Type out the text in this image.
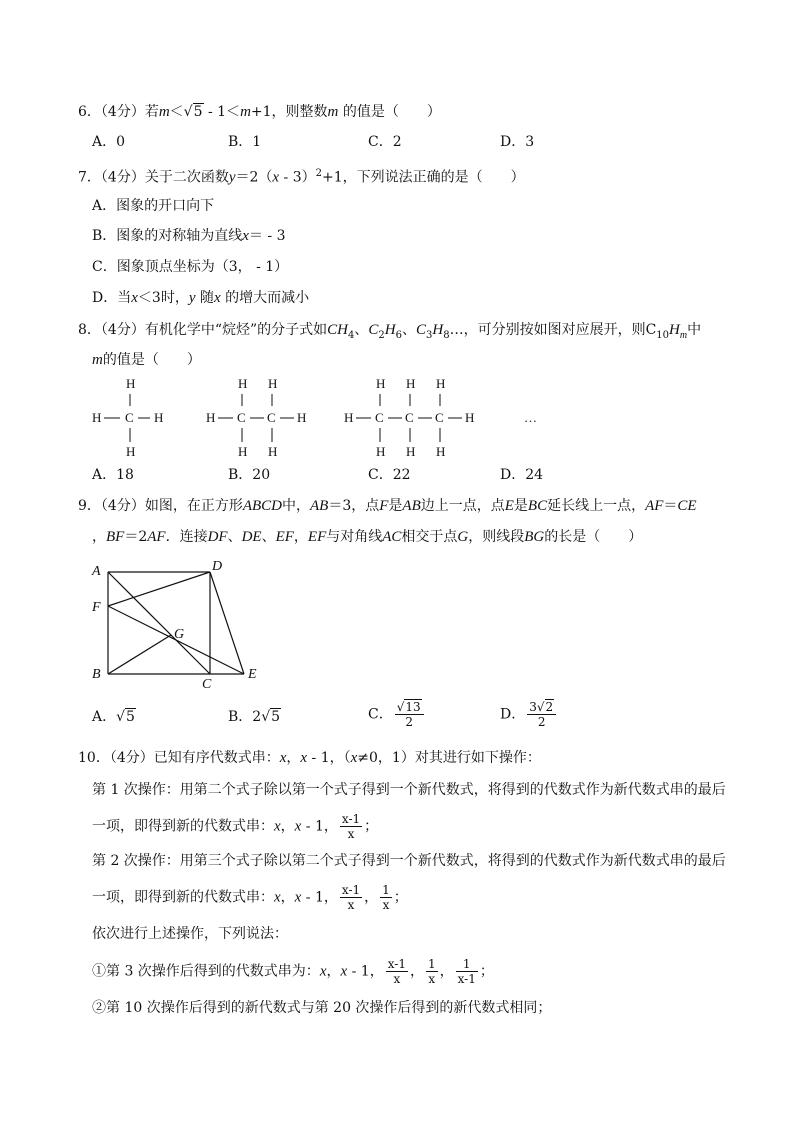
6．（4分）若m＜√5 - 1＜m+1，则整数m 的值是（　　）
A．0	B．1	C．2	D．3
7．（4分）关于二次函数y＝2（x - 3）$^2$+1，下列说法正确的是（　　）
A．图象的开口向下
B．图象的对称轴为直线x＝ - 3
C．图象顶点坐标为（3， - 1）
D．当x＜3时，y 随x 的增大而减小
8．（4分）有机化学中“烷烃”的分子式如$CH_4$、$C_2H_6$、$C_3H_8\dots$，可分别按如图对应展开，则$C_{10}H_m$中
m的值是（　　）
H
H C H
H
H H
H C C H
H H
H H H
H C C C H
H H H
…
A．18	B．20	C．22	D．24
9．（4分）如图，在正方形ABCD中，AB＝3，点F是AB边上一点，点E是BC延长线上一点，AF＝CE
，BF＝2AF．连接DF、DE、EF，EF与对角线AC相交于点G，则线段BG的长是（　　）
A	D
F
G
B
C
E
A．√5	B．2√5	C． $\frac{√13}{2}$	D． $\frac{3√2}{2}$
10．（4分）已知有序代数式串：x，x - 1，（x≠0，1）对其进行如下操作：
第 1 次操作：用第二个式子除以第一个式子得到一个新代数式，将得到的代数式作为新代数式串的最后
一项，即得到新的代数式串：x，x - 1， $\frac{x-1}{x}$ ；
第 2 次操作：用第三个式子除以第二个式子得到一个新代数式，将得到的代数式作为新代数式串的最后
一项，即得到新的代数式串：x，x - 1， $\frac{x-1}{x}$ ， $\frac{1}{x}$ ；
依次进行上述操作，下列说法：
①第 3 次操作后得到的代数式串为：x，x - 1， $\frac{x-1}{x}$ ， $\frac{1}{x}$ ， $\frac{1}{x-1}$ ；
②第 10 次操作后得到的新代数式与第 20 次操作后得到的新代数式相同；
